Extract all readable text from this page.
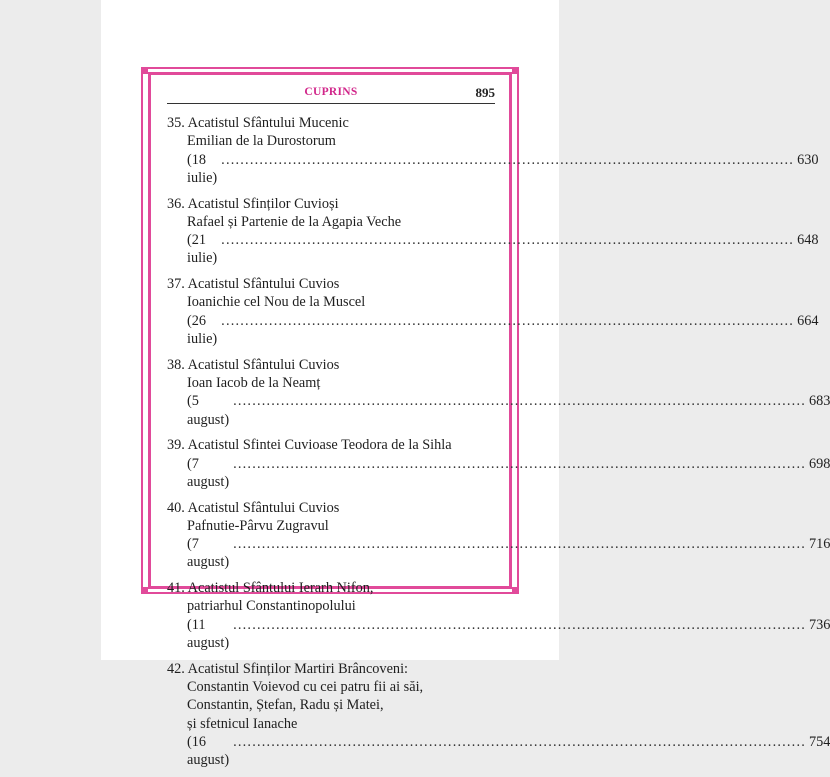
CUPRINS	895
35. Acatistul Sfântului Mucenic
Emilian de la Durostorum
(18 iulie)
........................................................................................................................ 630
36. Acatistul Sfinților Cuvioși
Rafael și Partenie de la Agapia Veche
(21 iulie)
........................................................................................................................ 648
37. Acatistul Sfântului Cuvios
Ioanichie cel Nou de la Muscel
(26 iulie)
........................................................................................................................ 664
38. Acatistul Sfântului Cuvios
Ioan Iacob de la Neamț
(5 august)
........................................................................................................................ 683
39. Acatistul Sfintei Cuvioase Teodora de la Sihla
(7 august)
........................................................................................................................ 698
40. Acatistul Sfântului Cuvios
Pafnutie-Pârvu Zugravul
(7 august)
........................................................................................................................ 716
41. Acatistul Sfântului Ierarh Nifon,
patriarhul Constantinopolului
(11 august)
........................................................................................................................ 736
42. Acatistul Sfinților Martiri Brâncoveni:
Constantin Voievod cu cei patru fii ai săi,
Constantin, Ștefan, Radu și Matei,
și sfetnicul Ianache
(16 august)
........................................................................................................................ 754
